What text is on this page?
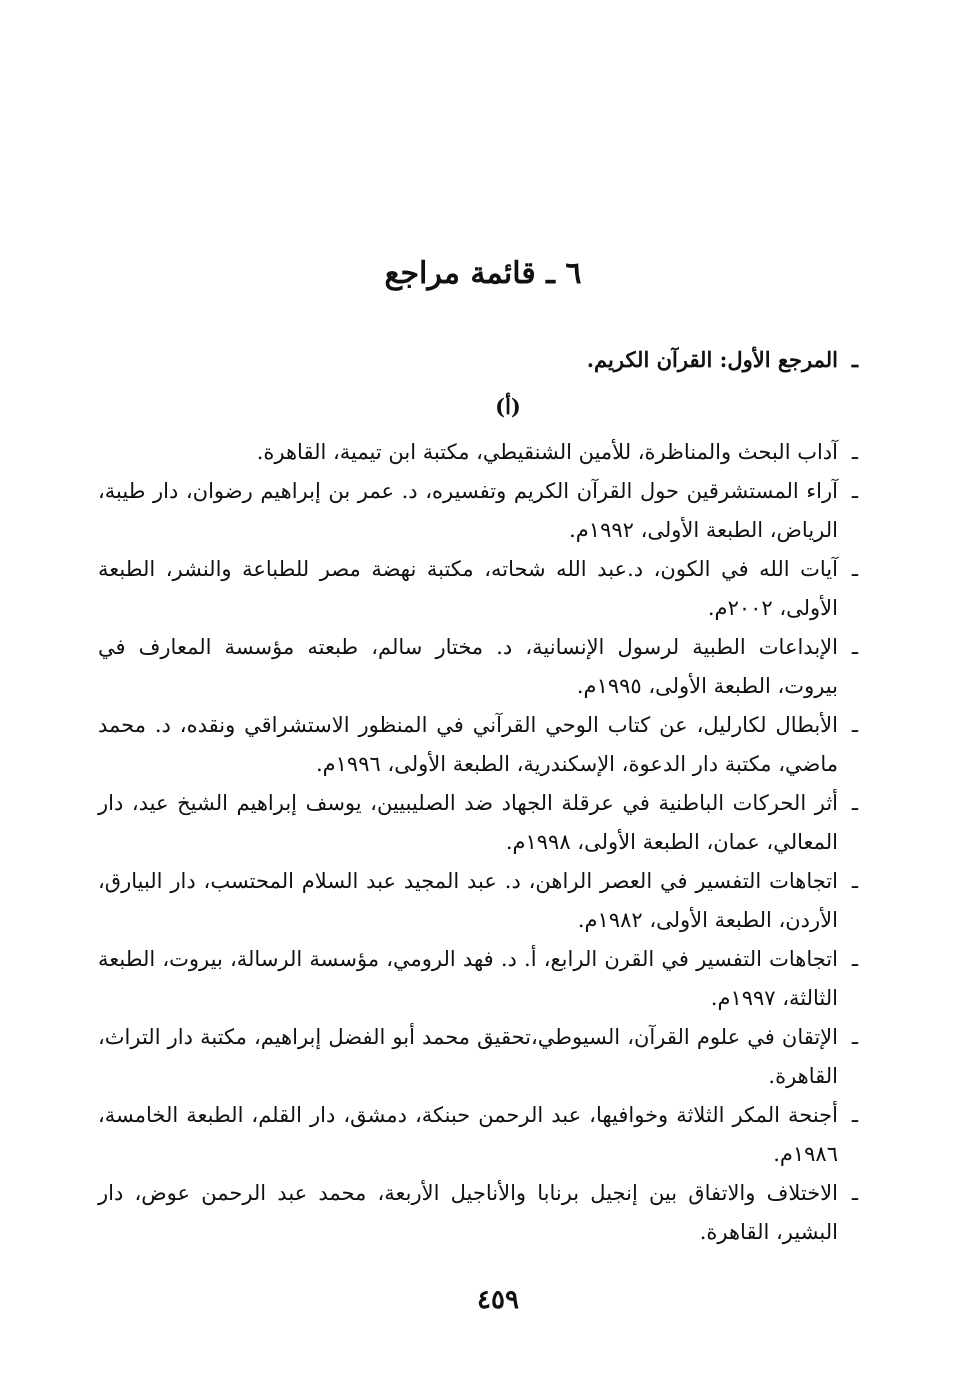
٦ ـ قائمة مراجع

ـ
المرجع الأول: القرآن الكريم.

(أ)
ـ
آداب البحث والمناظرة، للأمين الشنقيطي، مكتبة ابن تيمية، القاهرة.
ـ
آراء المستشرقين حول القرآن الكريم وتفسيره، د. عمر بن إبراهيم رضوان، دار طيبة، الرياض، الطبعة الأولى، ١٩٩٢م.
ـ
آيات الله في الكون، د.عبد الله شحاته، مكتبة نهضة مصر للطباعة والنشر، الطبعة الأولى، ٢٠٠٢م.
ـ
الإبداعات الطبية لرسول الإنسانية، د. مختار سالم، طبعته مؤسسة المعارف في بيروت، الطبعة الأولى، ١٩٩٥م.
ـ
الأبطال لكارليل، عن كتاب الوحي القرآني في المنظور الاستشراقي ونقده، د. محمد ماضي، مكتبة دار الدعوة، الإسكندرية، الطبعة الأولى، ١٩٩٦م.
ـ
أثر الحركات الباطنية في عرقلة الجهاد ضد الصليبيين، يوسف إبراهيم الشيخ عيد، دار المعالي، عمان، الطبعة الأولى، ١٩٩٨م.
ـ
اتجاهات التفسير في العصر الراهن، د. عبد المجيد عبد السلام المحتسب، دار البيارق، الأردن، الطبعة الأولى، ١٩٨٢م.
ـ
اتجاهات التفسير في القرن الرابع، أ. د. فهد الرومي، مؤسسة الرسالة، بيروت، الطبعة الثالثة، ١٩٩٧م.
ـ
الإتقان في علوم القرآن، السيوطي،تحقيق محمد أبو الفضل إبراهيم، مكتبة دار التراث، القاهرة.
ـ
أجنحة المكر الثلاثة وخوافيها، عبد الرحمن حبنكة، دمشق، دار القلم، الطبعة الخامسة، ١٩٨٦م.
ـ
الاختلاف والاتفاق بين إنجيل برنابا والأناجيل الأربعة، محمد عبد الرحمن عوض، دار البشير، القاهرة.
٤٥٩
